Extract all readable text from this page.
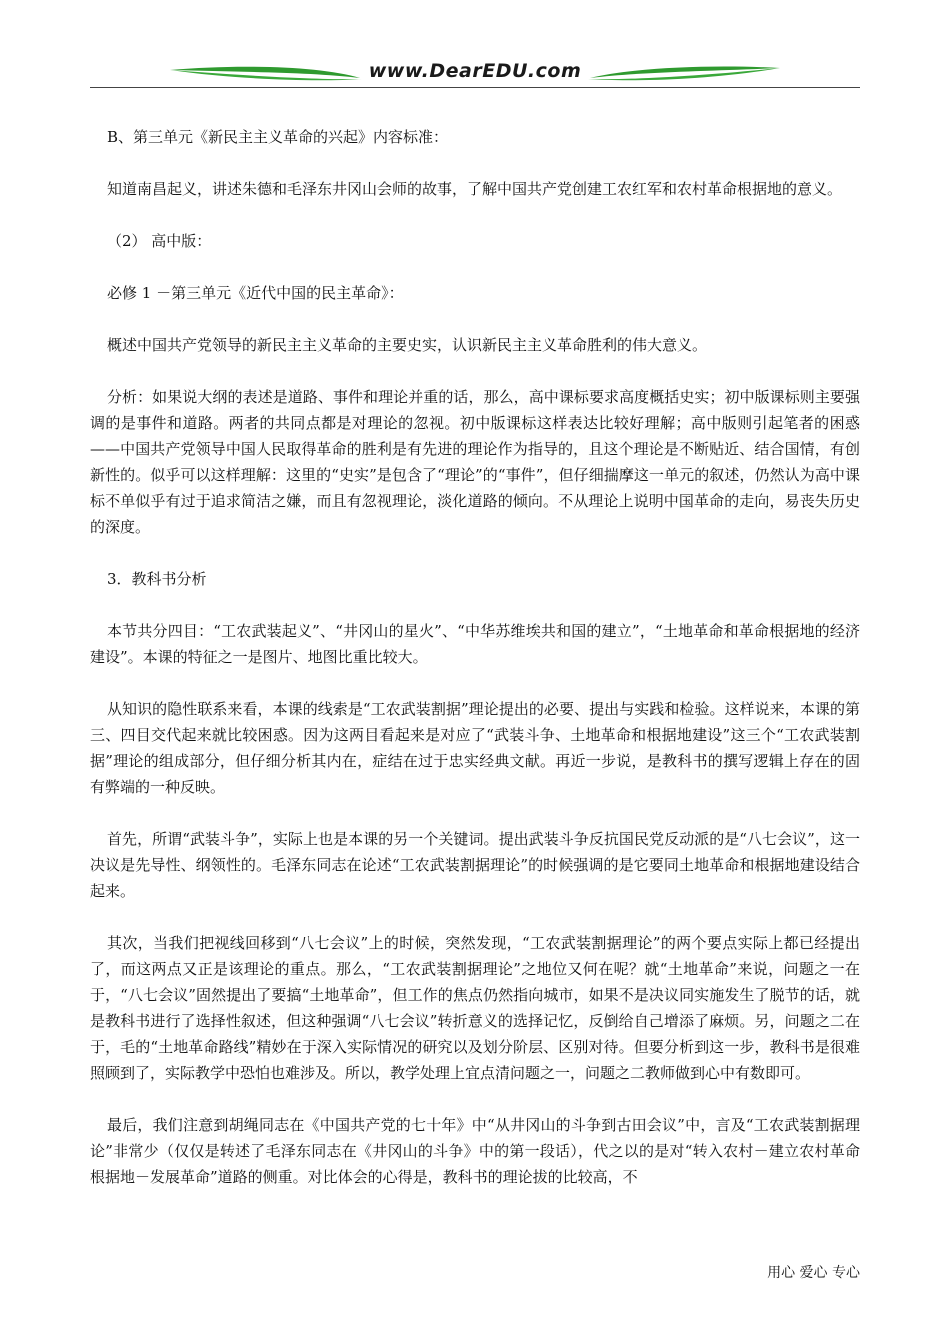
www.DearEDU.com

B、第三单元《新民主主义革命的兴起》内容标准：

知道南昌起义，讲述朱德和毛泽东井冈山会师的故事，了解中国共产党创建工农红军和农村革命根据地的意义。

（2） 高中版：

必修 1 －第三单元《近代中国的民主革命》：

概述中国共产党领导的新民主主义革命的主要史实，认识新民主主义革命胜利的伟大意义。

分析：如果说大纲的表述是道路、事件和理论并重的话，那么，高中课标要求高度概括史实；初中版课标则主要强调的是事件和道路。两者的共同点都是对理论的忽视。初中版课标这样表达比较好理解；高中版则引起笔者的困惑——中国共产党领导中国人民取得革命的胜利是有先进的理论作为指导的，且这个理论是不断贴近、结合国情，有创新性的。似乎可以这样理解：这里的“史实”是包含了“理论”的“事件”，但仔细揣摩这一单元的叙述，仍然认为高中课标不单似乎有过于追求简洁之嫌，而且有忽视理论，淡化道路的倾向。不从理论上说明中国革命的走向，易丧失历史的深度。

3．教科书分析

本节共分四目：“工农武装起义”、“井冈山的星火”、“中华苏维埃共和国的建立”，“土地革命和革命根据地的经济建设”。本课的特征之一是图片、地图比重比较大。

从知识的隐性联系来看，本课的线索是“工农武装割据”理论提出的必要、提出与实践和检验。这样说来，本课的第三、四目交代起来就比较困惑。因为这两目看起来是对应了“武装斗争、土地革命和根据地建设”这三个“工农武装割据”理论的组成部分，但仔细分析其内在，症结在过于忠实经典文献。再近一步说，是教科书的撰写逻辑上存在的固有弊端的一种反映。

首先，所谓“武装斗争”，实际上也是本课的另一个关键词。提出武装斗争反抗国民党反动派的是“八七会议”，这一决议是先导性、纲领性的。毛泽东同志在论述“工农武装割据理论”的时候强调的是它要同土地革命和根据地建设结合起来。

其次，当我们把视线回移到“八七会议”上的时候，突然发现，“工农武装割据理论”的两个要点实际上都已经提出了，而这两点又正是该理论的重点。那么，“工农武装割据理论”之地位又何在呢？就“土地革命”来说，问题之一在于，“八七会议”固然提出了要搞“土地革命”，但工作的焦点仍然指向城市，如果不是决议同实施发生了脱节的话，就是教科书进行了选择性叙述，但这种强调“八七会议”转折意义的选择记忆，反倒给自己增添了麻烦。另，问题之二在于，毛的“土地革命路线”精妙在于深入实际情况的研究以及划分阶层、区别对待。但要分析到这一步，教科书是很难照顾到了，实际教学中恐怕也难涉及。所以，教学处理上宜点清问题之一，问题之二教师做到心中有数即可。

最后，我们注意到胡绳同志在《中国共产党的七十年》中“从井冈山的斗争到古田会议”中，言及“工农武装割据理论”非常少（仅仅是转述了毛泽东同志在《井冈山的斗争》中的第一段话），代之以的是对“转入农村－建立农村革命根据地－发展革命”道路的侧重。对比体会的心得是，教科书的理论拔的比较高，不

用心 爱心 专心
